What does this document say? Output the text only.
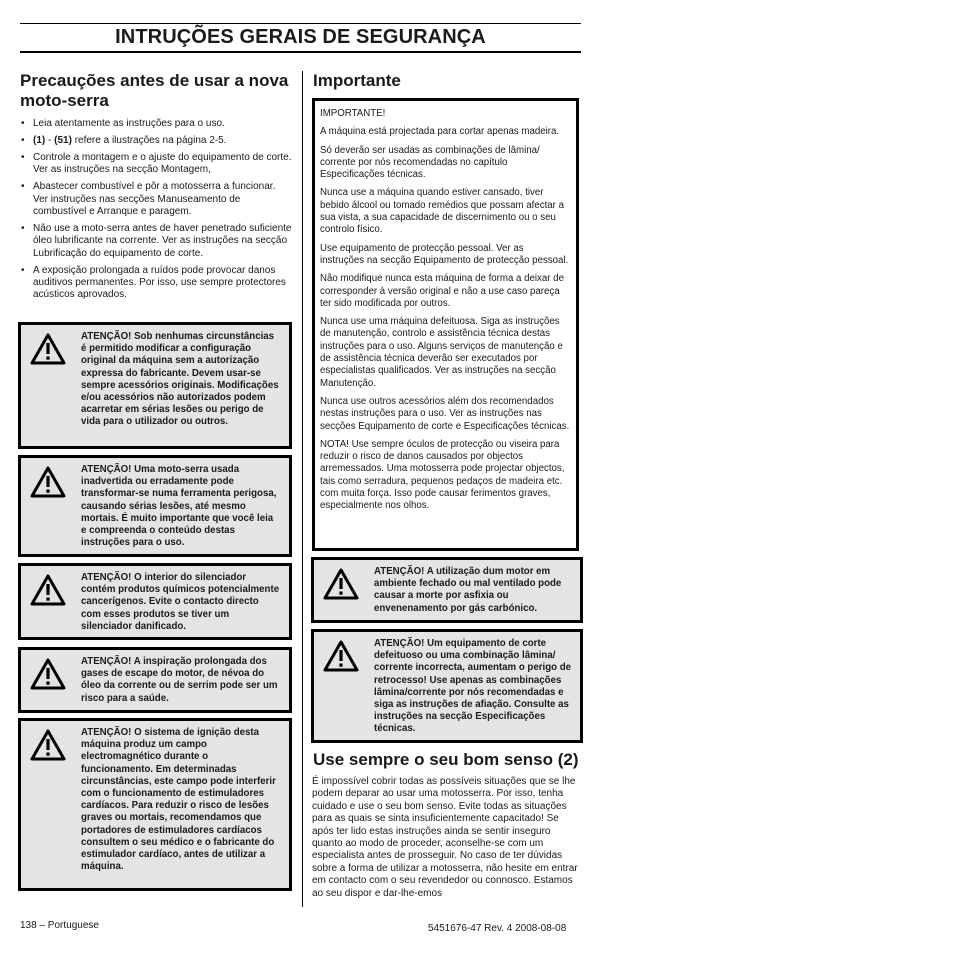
INTRUÇÕES GERAIS DE SEGURANÇA
Precauções antes de usar a nova moto-serra
• Leia atentamente as instruções para o uso.
• (1) - (51) refere a ilustrações na página 2-5.
• Controle a montagem e o ajuste do equipamento de corte. Ver as instruções na secção Montagem,
• Abastecer combustível e pôr a motosserra a funcionar. Ver instruções nas secções Manuseamento de combustível e Arranque e paragem.
• Não use a moto-serra antes de haver penetrado suficiente óleo lubrificante na corrente. Ver as instruções na secção Lubrificação do equipamento de corte.
• A exposição prolongada a ruídos pode provocar danos auditivos permanentes. Por isso, use sempre protectores acústicos aprovados.
ATENÇÃO! Sob nenhumas circunstâncias é permitido modificar a configuração original da máquina sem a autorização expressa do fabricante. Devem usar-se sempre acessórios originais. Modificações e/ou acessórios não autorizados podem acarretar em sérias lesões ou perigo de vida para o utilizador ou outros.
ATENÇÃO! Uma moto-serra usada inadvertida ou erradamente pode transformar-se numa ferramenta perigosa, causando sérias lesões, até mesmo mortais. É muito importante que você leia e compreenda o conteúdo destas instruções para o uso.
ATENÇÃO! O interior do silenciador contém produtos químicos potencialmente cancerígenos. Evite o contacto directo com esses produtos se tiver um silenciador danificado.
ATENÇÃO! A inspiração prolongada dos gases de escape do motor, de névoa do óleo da corrente ou de serrim pode ser um risco para a saúde.
ATENÇÃO! O sistema de ignição desta máquina produz um campo electromagnético durante o funcionamento. Em determinadas circunstâncias, este campo pode interferir com o funcionamento de estimuladores cardíacos. Para reduzir o risco de lesões graves ou mortais, recomendamos que portadores de estimuladores cardíacos consultem o seu médico e o fabricante do estimulador cardíaco, antes de utilizar a máquina.
Importante

IMPORTANTE!

A máquina está projectada para cortar apenas madeira.

Só deverão ser usadas as combinações de lâmina/ corrente por nós recomendadas no capítulo Especificações técnicas.

Nunca use a máquina quando estiver cansado, tiver bebido álcool ou tomado remédios que possam afectar a sua vista, a sua capacidade de discernimento ou o seu controlo físico.

Use equipamento de protecção pessoal. Ver as instruções na secção Equipamento de protecção pessoal.

Não modifique nunca esta máquina de forma a deixar de corresponder à versão original e não a use caso pareça ter sido modificada por outros.

Nunca use uma máquina defeituosa. Siga as instruções de manutenção, controlo e assistência técnica destas instruções para o uso. Alguns serviços de manutenção e de assistência técnica deverão ser executados por especialistas qualificados. Ver as instruções na secção Manutenção.

Nunca use outros acessórios além dos recomendados nestas instruções para o uso. Ver as instruções nas secções Equipamento de corte e Especificações técnicas.

NOTA! Use sempre óculos de protecção ou viseira para reduzir o risco de danos causados por objectos arremessados. Uma motosserra pode projectar objectos, tais como serradura, pequenos pedaços de madeira etc. com muita força. Isso pode causar ferimentos graves, especialmente nos olhos.

ATENÇÃO! A utilização dum motor em ambiente fechado ou mal ventilado pode causar a morte por asfixia ou envenenamento por gás carbónico.
ATENÇÃO! Um equipamento de corte defeituoso ou uma combinação lâmina/ corrente incorrecta, aumentam o perigo de retrocesso! Use apenas as combinações lâmina/corrente por nós recomendadas e siga as instruções de afiação. Consulte as instruções na secção Especificações técnicas.
Use sempre o seu bom senso (2)

É impossível cobrir todas as possíveis situações que se lhe podem deparar ao usar uma motosserra. Por isso, tenha cuidado e use o seu bom senso. Evite todas as situações para as quais se sinta insuficientemente capacitado! Se após ter lido estas instruções ainda se sentir inseguro quanto ao modo de proceder, aconselhe-se com um especialista antes de prosseguir. No caso de ter dúvidas sobre a forma de utilizar a motosserra, não hesite em entrar em contacto com o seu revendedor ou connosco. Estamos ao seu dispor e dar-lhe-emos

138 – Portuguese	5451676-47 Rev. 4 2008-08-08
